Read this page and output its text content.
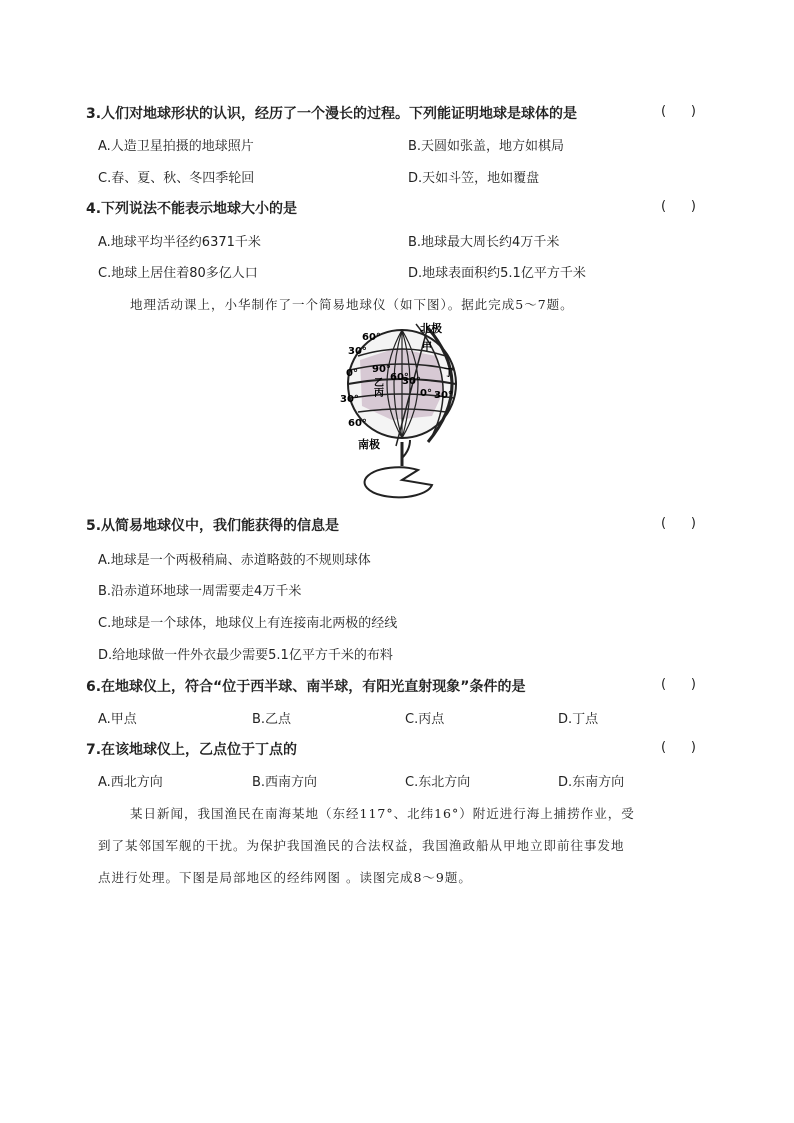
3.人们对地球形状的认识，经历了一个漫长的过程。下列能证明地球是球体的是	(      )
A.人造卫星拍摄的地球照片	B.天圆如张盖，地方如棋局
C.春、夏、秋、冬四季轮回	D.天如斗笠，地如覆盘
4.下列说法不能表示地球大小的是	(      )
A.地球平均半径约6371千米	B.地球最大周长约4万千米
C.地球上居住着80多亿人口	D.地球表面积约5.1亿平方千米
地理活动课上，小华制作了一个简易地球仪（如下图）。据此完成5～7题。
北极
南极
60°
30°
0°
30°
60°
90°
60°
30°
0° 30°
甲
乙
丙
丁
5.从简易地球仪中，我们能获得的信息是	(      )
A.地球是一个两极稍扁、赤道略鼓的不规则球体
B.沿赤道环地球一周需要走4万千米
C.地球是一个球体，地球仪上有连接南北两极的经线
D.给地球做一件外衣最少需要5.1亿平方千米的布料
6.在地球仪上，符合“位于西半球、南半球，有阳光直射现象”条件的是	(      )
A.甲点	B.乙点	C.丙点	D.丁点
7.在该地球仪上，乙点位于丁点的	(      )
A.西北方向	B.西南方向	C.东北方向	D.东南方向
某日新闻，我国渔民在南海某地（东经117°、北纬16°）附近进行海上捕捞作业，受
到了某邻国军舰的干扰。为保护我国渔民的合法权益，我国渔政船从甲地立即前往事发地
点进行处理。下图是局部地区的经纬网图 。读图完成8～9题。
